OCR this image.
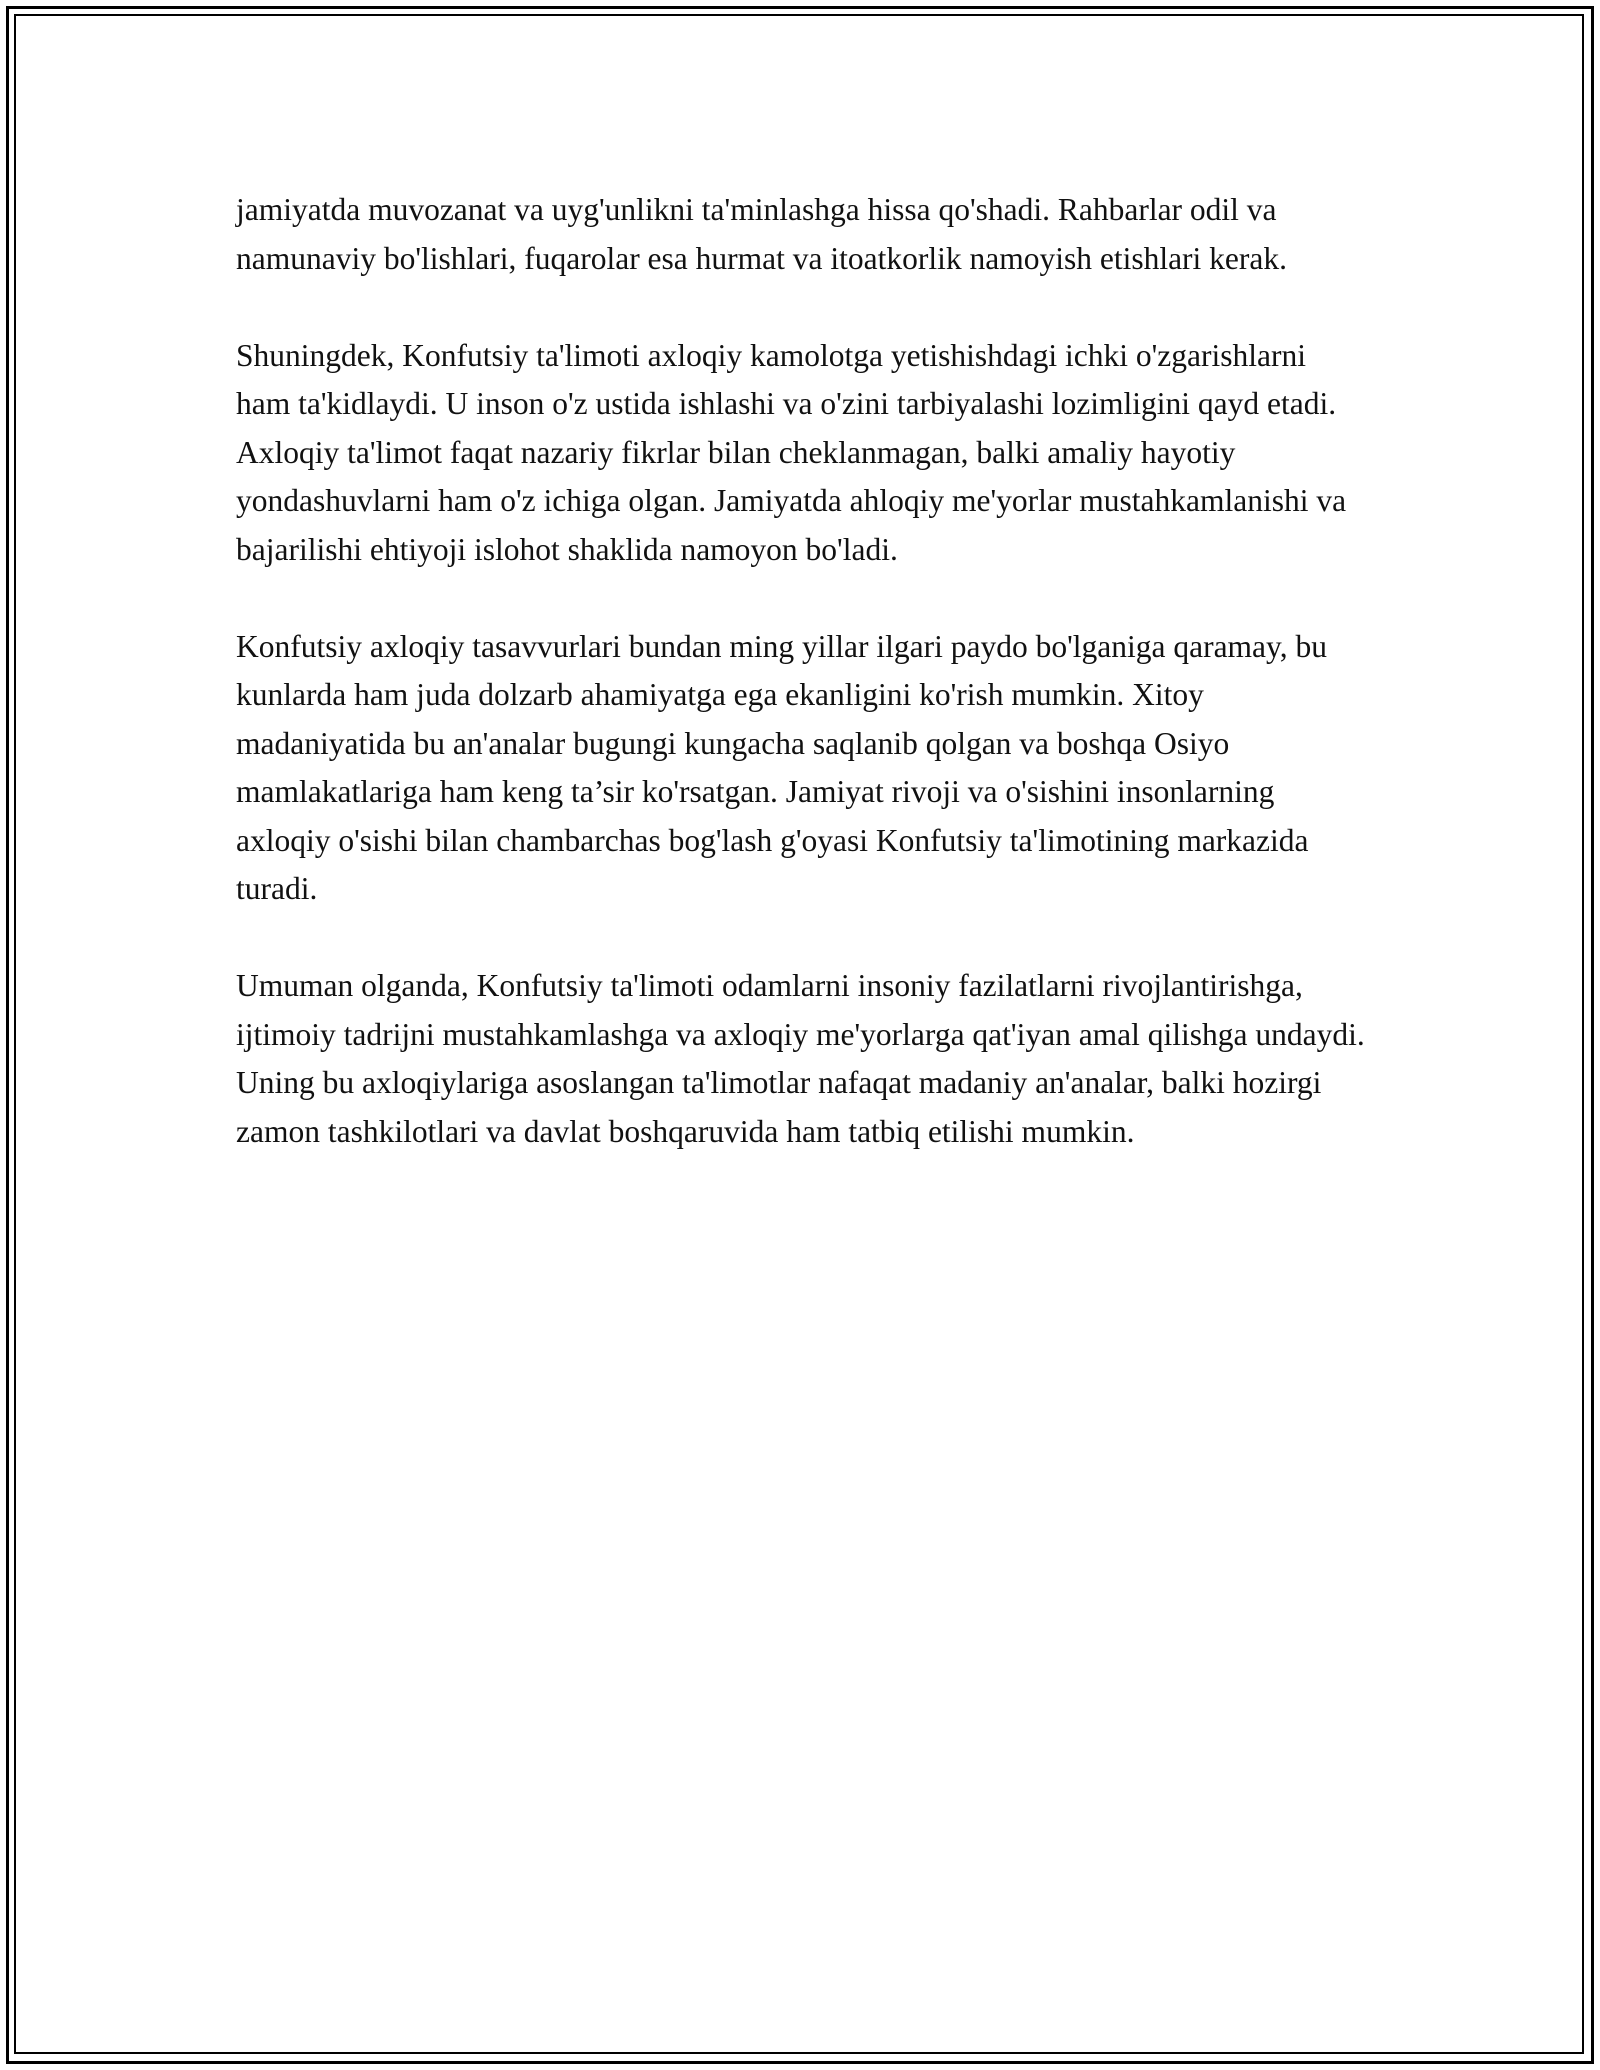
jamiyatda muvozanat va uyg'unlikni ta'minlashga hissa qo'shadi. Rahbarlar odil va namunaviy bo'lishlari, fuqarolar esa hurmat va itoatkorlik namoyish etishlari kerak.

Shuningdek, Konfutsiy ta'limoti axloqiy kamolotga yetishishdagi ichki o'zgarishlarni ham ta'kidlaydi. U inson o'z ustida ishlashi va o'zini tarbiyalashi lozimligini qayd etadi. Axloqiy ta'limot faqat nazariy fikrlar bilan cheklanmagan, balki amaliy hayotiy yondashuvlarni ham o'z ichiga olgan. Jamiyatda ahloqiy me'yorlar mustahkamlanishi va bajarilishi ehtiyoji islohot shaklida namoyon bo'ladi.

Konfutsiy axloqiy tasavvurlari bundan ming yillar ilgari paydo bo'lganiga qaramay, bu kunlarda ham juda dolzarb ahamiyatga ega ekanligini ko'rish mumkin. Xitoy madaniyatida bu an'analar bugungi kungacha saqlanib qolgan va boshqa Osiyo mamlakatlariga ham keng ta’sir ko'rsatgan. Jamiyat rivoji va o'sishini insonlarning axloqiy o'sishi bilan chambarchas bog'lash g'oyasi Konfutsiy ta'limotining markazida turadi.

Umuman olganda, Konfutsiy ta'limoti odamlarni insoniy fazilatlarni rivojlantirishga, ijtimoiy tadrijni mustahkamlashga va axloqiy me'yorlarga qat'iyan amal qilishga undaydi. Uning bu axloqiylariga asoslangan ta'limotlar nafaqat madaniy an'analar, balki hozirgi zamon tashkilotlari va davlat boshqaruvida ham tatbiq etilishi mumkin.
